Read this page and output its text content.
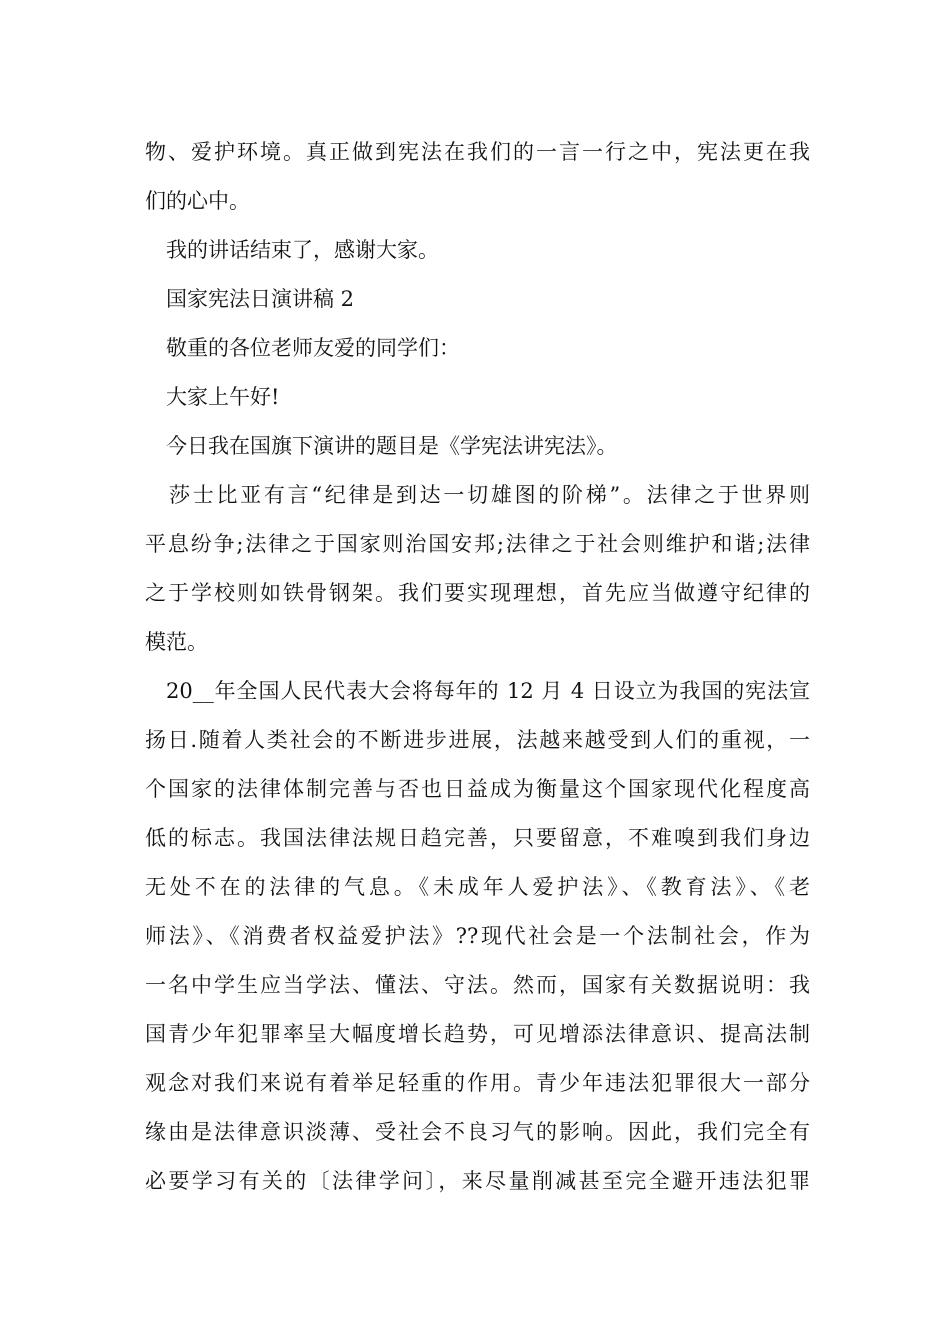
物、爱护环境。真正做到宪法在我们的一言一行之中，宪法更在我
们的心中。
我的讲话结束了，感谢大家。
国家宪法日演讲稿 2
敬重的各位老师友爱的同学们：
大家上午好!
今日我在国旗下演讲的题目是《学宪法讲宪法》。
莎士比亚有言“纪律是到达一切雄图的阶梯”。法律之于世界则
平息纷争;法律之于国家则治国安邦;法律之于社会则维护和谐;法律
之于学校则如铁骨钢架。我们要实现理想，首先应当做遵守纪律的
模范。
20__年全国人民代表大会将每年的 12 月 4 日设立为我国的宪法宣
扬日.随着人类社会的不断进步进展，法越来越受到人们的重视，一
个国家的法律体制完善与否也日益成为衡量这个国家现代化程度高
低的标志。我国法律法规日趋完善，只要留意，不难嗅到我们身边
无处不在的法律的气息。《未成年人爱护法》、《教育法》、《老
师法》、《消费者权益爱护法》??现代社会是一个法制社会，作为
一名中学生应当学法、懂法、守法。然而，国家有关数据说明：我
国青少年犯罪率呈大幅度增长趋势，可见增添法律意识、提高法制
观念对我们来说有着举足轻重的作用。青少年违法犯罪很大一部分
缘由是法律意识淡薄、受社会不良习气的影响。因此，我们完全有
必要学习有关的〔法律学问〕，来尽量削减甚至完全避开违法犯罪
